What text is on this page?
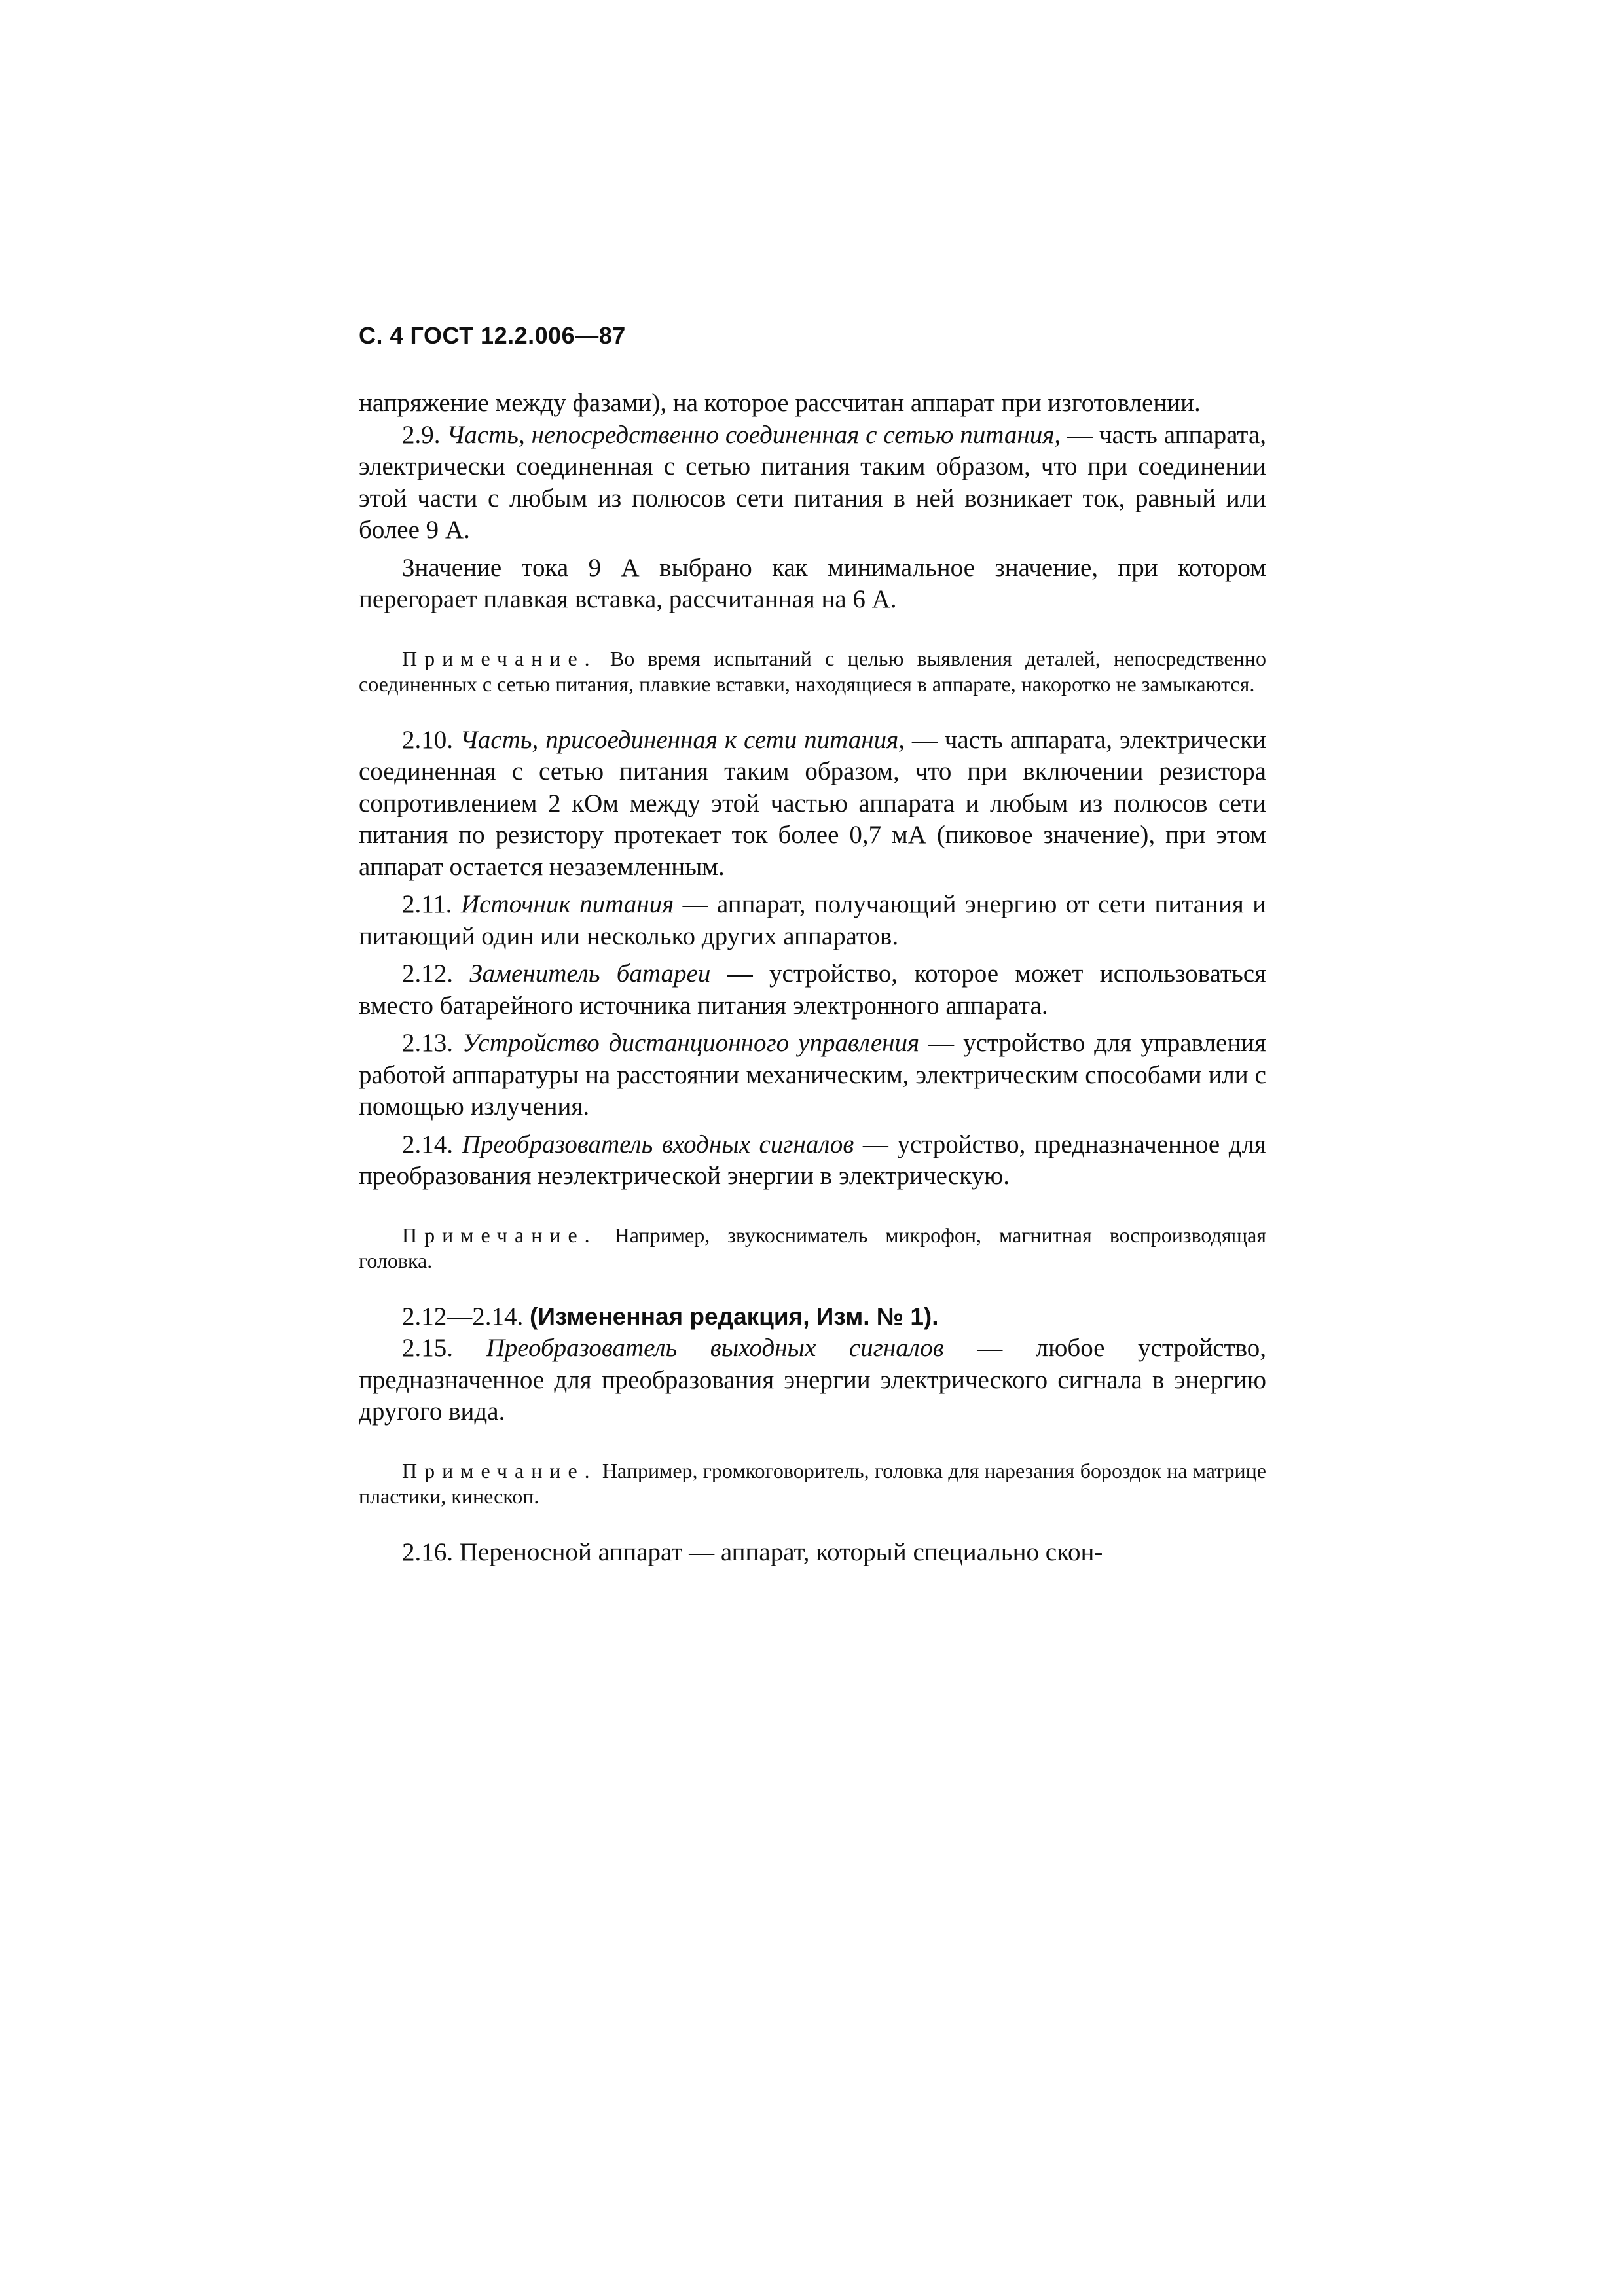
С. 4 ГОСТ 12.2.006—87

напряжение между фазами), на которое рассчитан аппарат при изготовлении.

2.9. Часть, непосредственно соединенная с сетью питания, — часть аппарата, электрически соединенная с сетью питания таким образом, что при соединении этой части с любым из полюсов сети питания в ней возникает ток, равный или более 9 А.

Значение тока 9 А выбрано как минимальное значение, при котором перегорает плавкая вставка, рассчитанная на 6 А.

Примечание. Во время испытаний с целью выявления деталей, непосредственно соединенных с сетью питания, плавкие вставки, находящиеся в аппарате, накоротко не замыкаются.

2.10. Часть, присоединенная к сети питания, — часть аппарата, электрически соединенная с сетью питания таким образом, что при включении резистора сопротивлением 2 кОм между этой частью аппарата и любым из полюсов сети питания по резистору протекает ток более 0,7 мА (пиковое значение), при этом аппарат остается незаземленным.

2.11. Источник питания — аппарат, получающий энергию от сети питания и питающий один или несколько других аппаратов.

2.12. Заменитель батареи — устройство, которое может использоваться вместо батарейного источника питания электронного аппарата.

2.13. Устройство дистанционного управления — устройство для управления работой аппаратуры на расстоянии механическим, электрическим способами или с помощью излучения.

2.14. Преобразователь входных сигналов — устройство, предназначенное для преобразования неэлектрической энергии в электрическую.

Примечание. Например, звукосниматель микрофон, магнитная воспроизводящая головка.

2.12—2.14. (Измененная редакция, Изм. № 1).

2.15. Преобразователь выходных сигналов — любое устройство, предназначенное для преобразования энергии электрического сигнала в энергию другого вида.

Примечание. Например, громкоговоритель, головка для нарезания бороздок на матрице пластики, кинескоп.

2.16. Переносной аппарат — аппарат, который специально скон-
